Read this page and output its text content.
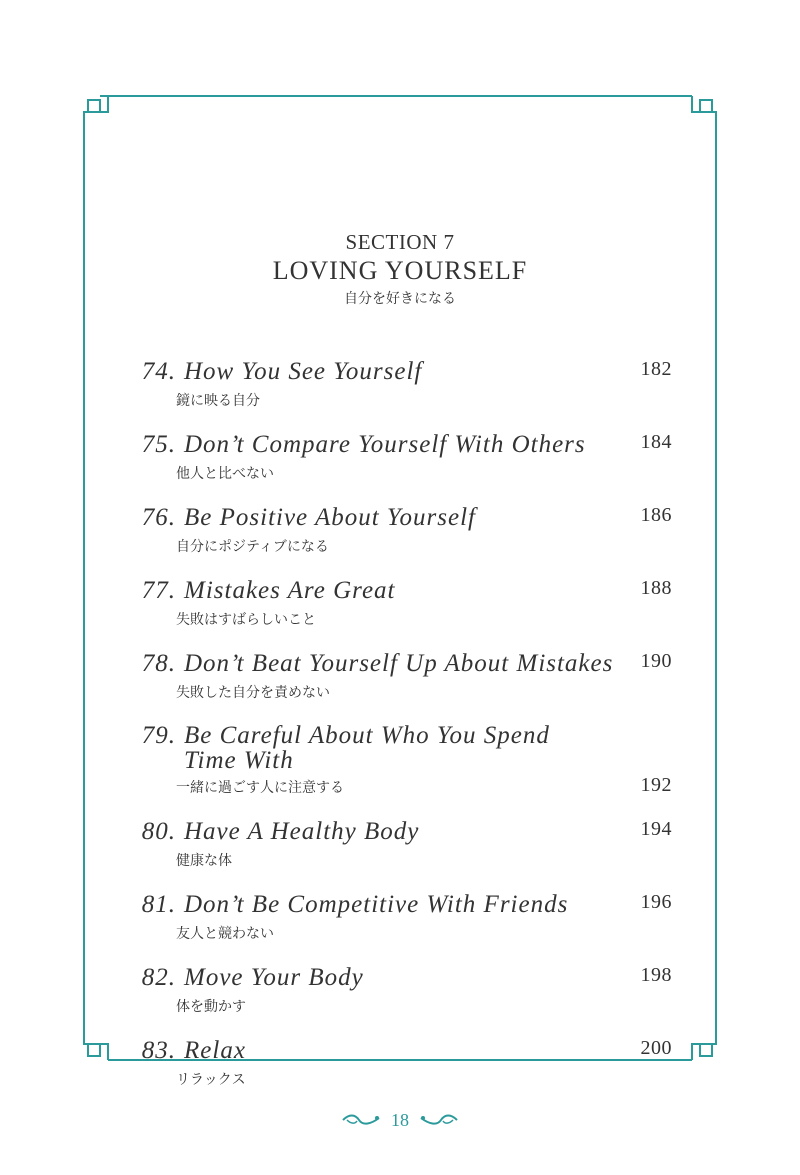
SECTION 7
LOVING YOURSELF
自分を好きになる
74. How You See Yourself	182
鏡に映る自分
75. Don’t Compare Yourself With Others	184
他人と比べない
76. Be Positive About Yourself	186
自分にポジティブになる
77. Mistakes Are Great	188
失敗はすばらしいこと
78. Don’t Beat Yourself Up About Mistakes 190
失敗した自分を責めない
79. Be Careful About Who You Spend Time With
192
一緒に過ごす人に注意する
80. Have A Healthy Body	194
健康な体
81. Don’t Be Competitive With Friends	196
友人と競わない
82. Move Your Body	198
体を動かす
83. Relax	200
リラックス
18
